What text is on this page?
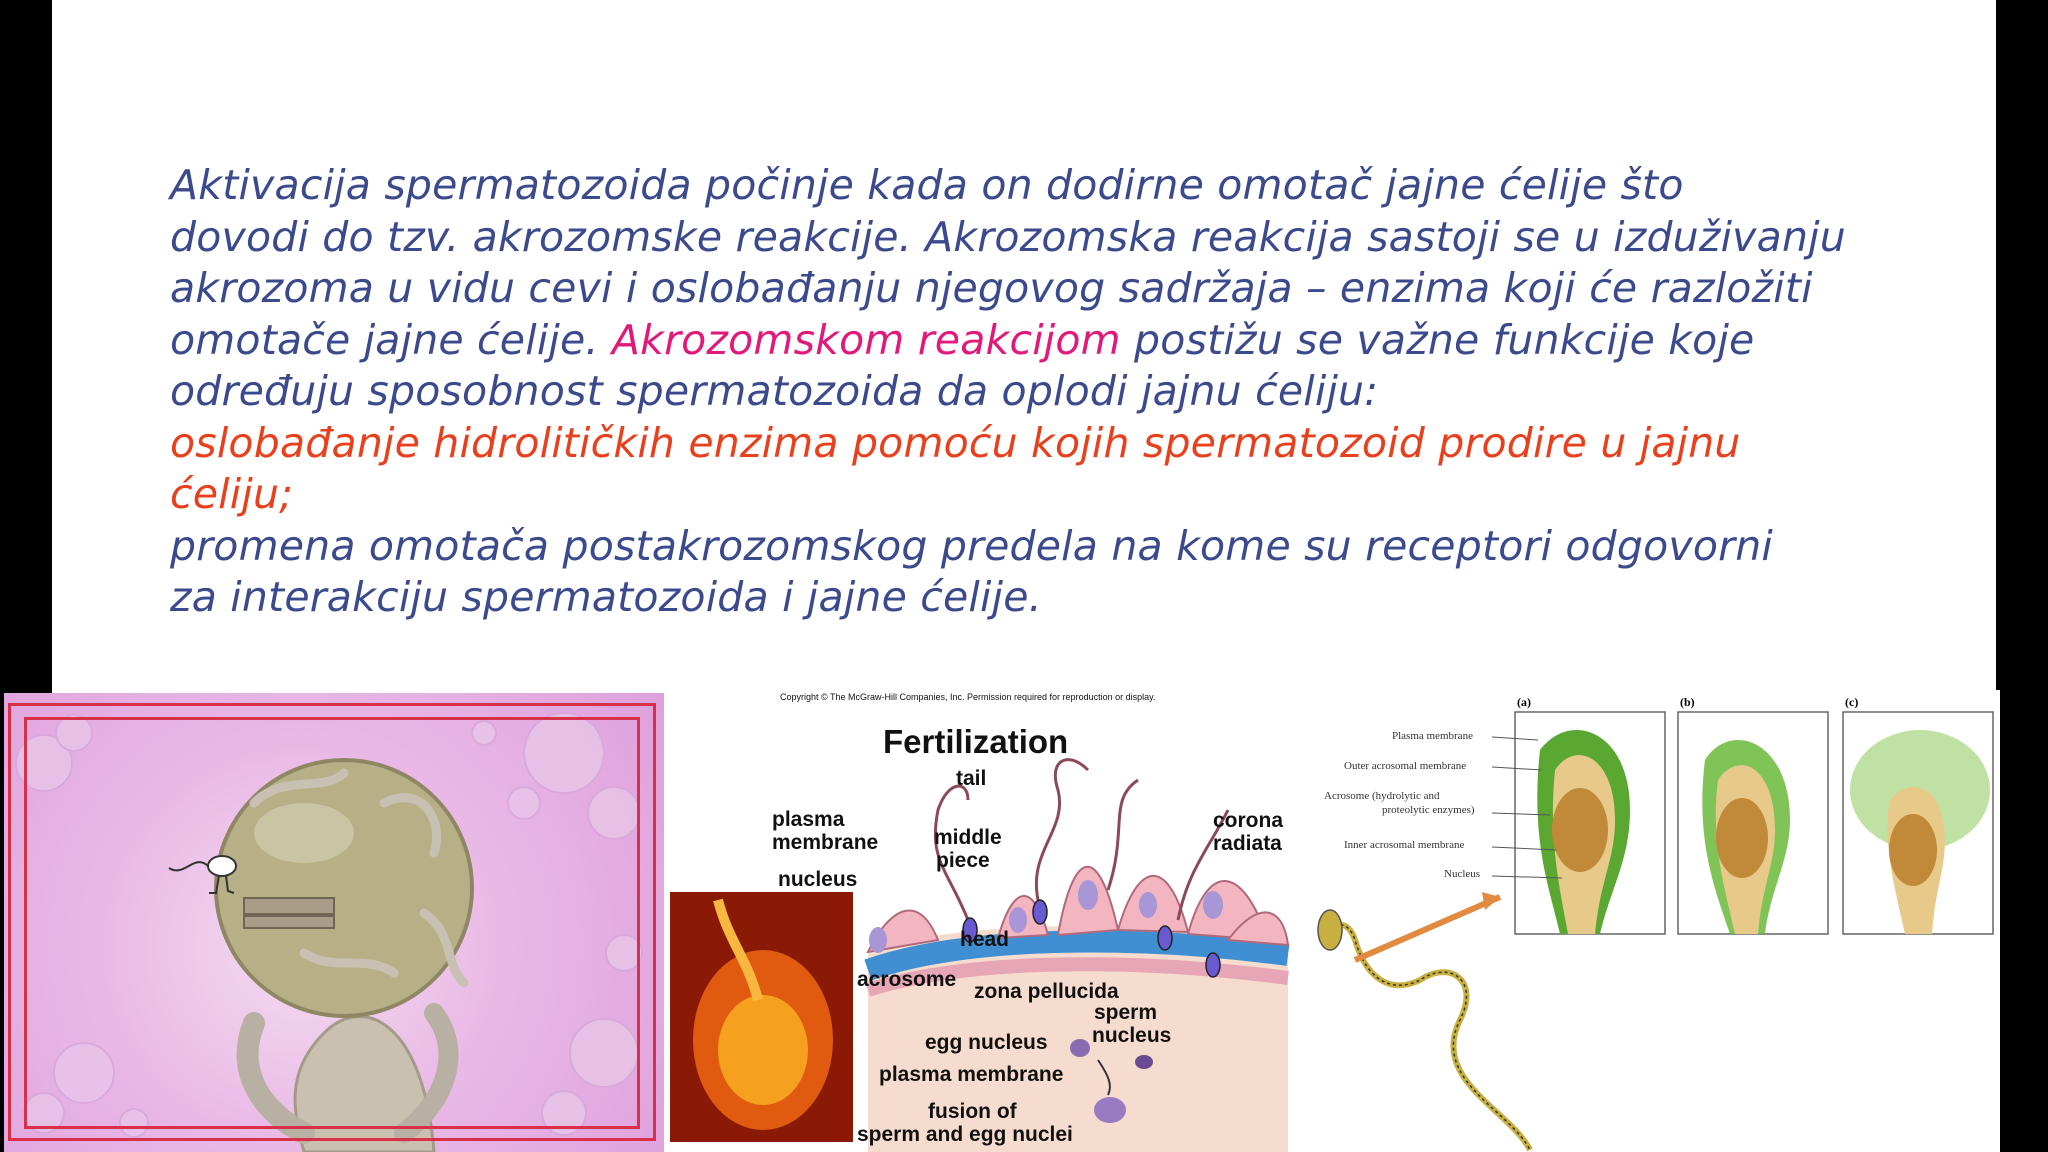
Aktivacija spermatozoida počinje kada on dodirne omotač jajne ćelije što

dovodi do tzv. akrozomske reakcije. Akrozomska reakcija sastoji se u izduživanju

akrozoma u vidu cevi i oslobađanju njegovog sadržaja – enzima koji će razložiti

omotače jajne ćelije. Akrozomskom reakcijom postižu se važne funkcije koje

određuju sposobnost spermatozoida da oplodi jajnu ćeliju:

oslobađanje hidrolitičkih enzima pomoću kojih spermatozoid prodire u jajnu

ćeliju;

promena omotača postakrozomskog predela na kome su receptori odgovorni

za interakciju spermatozoida i jajne ćelije.

Copyright © The McGraw-Hill Companies, Inc. Permission required for reproduction or display.
Fertilization
tail
plasma
membrane	middle
piece
nucleus
corona
radiata
head
acrosome
zona pellucida
sperm
nucleus
egg nucleus
plasma membrane
fusion of
sperm and egg nuclei
(a)	(b)	(c)
Plasma membrane
Outer acrosomal membrane
Acrosome (hydrolytic and
proteolytic enzymes)
Inner acrosomal membrane
Nucleus
